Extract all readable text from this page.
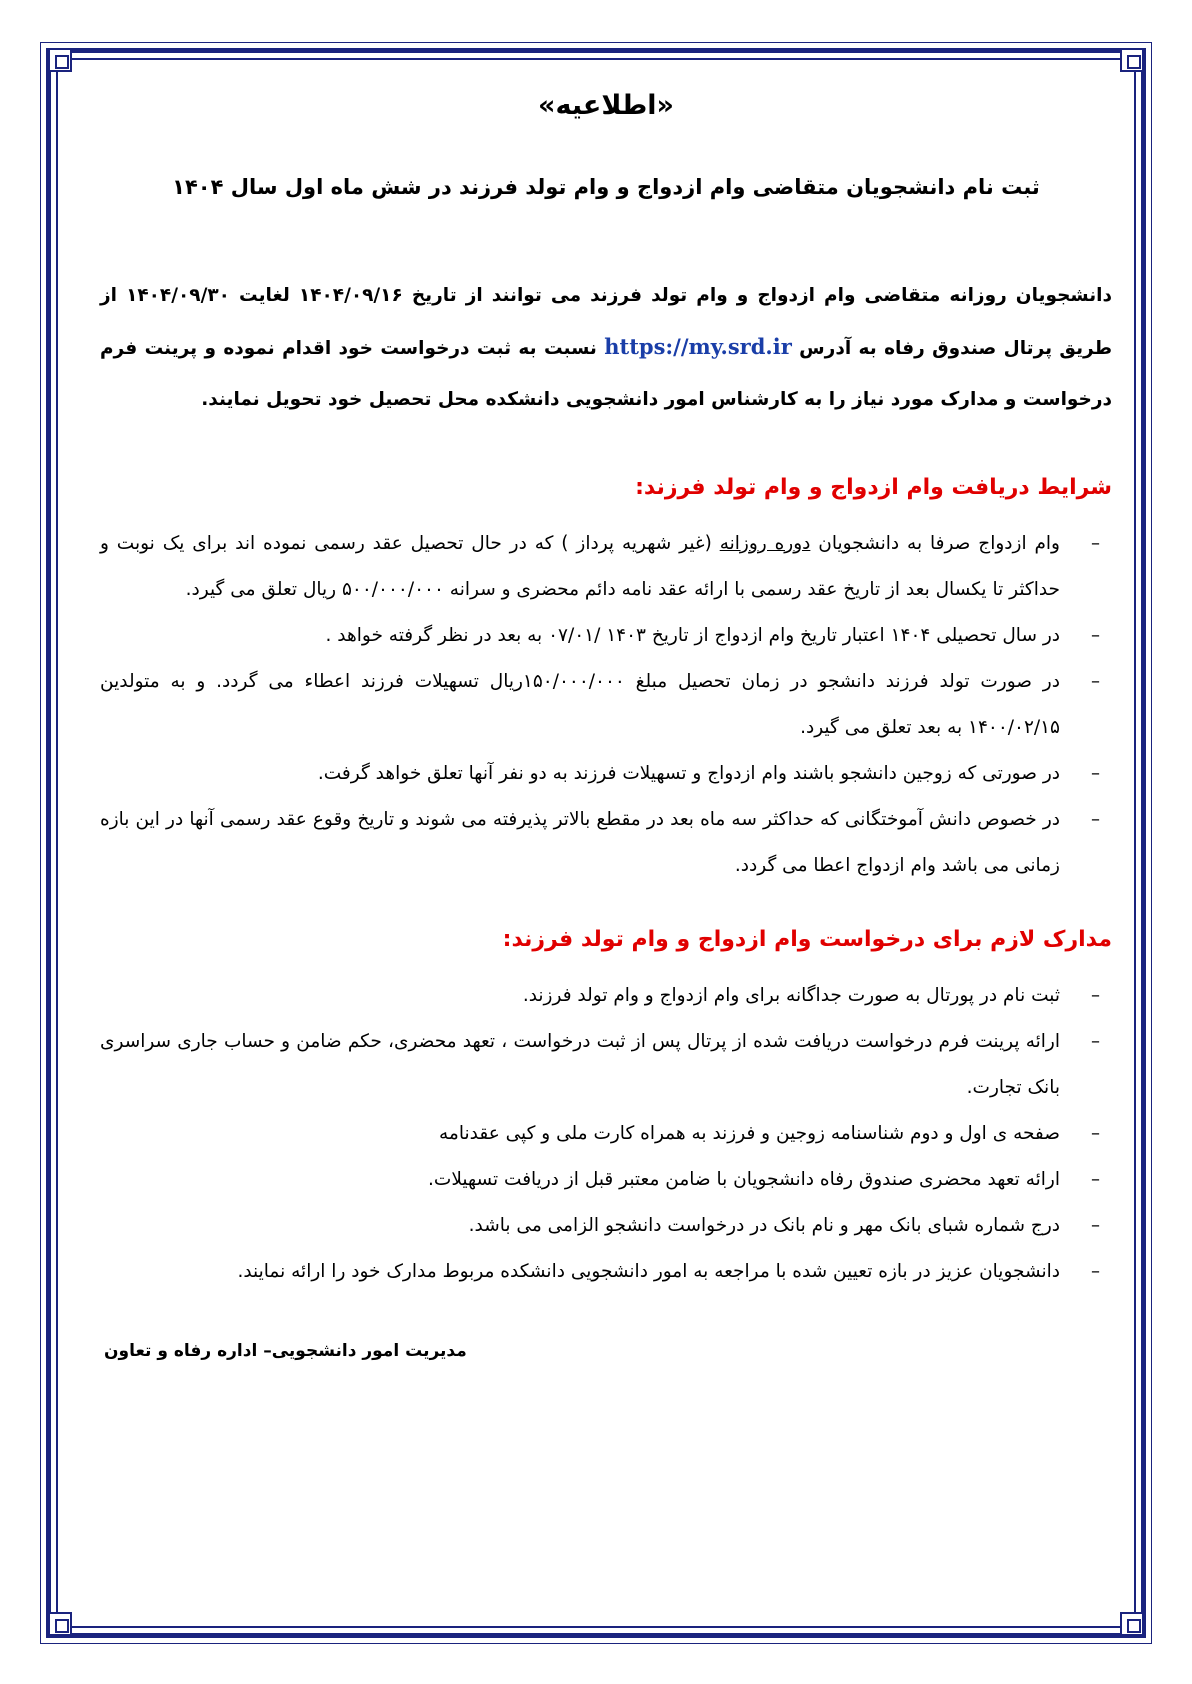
«اطلاعیه»
ثبت نام دانشجویان متقاضی وام ازدواج و وام تولد فرزند در شش ماه اول سال ۱۴۰۴

دانشجویان روزانه متقاضی وام ازدواج و وام تولد فرزند می توانند از تاریخ ۱۴۰۴/۰۹/۱۶ لغایت ۱۴۰۴/۰۹/۳۰ از طریق پرتال صندوق رفاه به آدرس https://my.srd.ir نسبت به ثبت درخواست خود اقدام نموده و پرینت فرم درخواست و مدارک مورد نیاز را به کارشناس امور دانشجویی دانشکده محل تحصیل خود تحویل نمایند.

شرایط دریافت وام ازدواج و وام تولد فرزند:
–
وام ازدواج صرفا به دانشجویان دوره روزانه (غیر شهریه پرداز ) که در حال تحصیل عقد رسمی نموده اند برای یک نوبت و حداکثر تا یکسال بعد از تاریخ عقد رسمی با ارائه عقد نامه دائم محضری و سرانه ۵۰۰/۰۰۰/۰۰۰ ریال تعلق می گیرد.
–
در سال تحصیلی ۱۴۰۴ اعتبار تاریخ وام ازدواج از تاریخ ۱۴۰۳ /۰۷/۰۱ به بعد در نظر گرفته خواهد .
–
در صورت تولد فرزند دانشجو در زمان تحصیل مبلغ ۱۵۰/۰۰۰/۰۰۰ریال تسهیلات فرزند اعطاء می گردد. و به متولدین ۱۴۰۰/۰۲/۱۵ به بعد تعلق می گیرد.
–
در صورتی که زوجین دانشجو باشند وام ازدواج و تسهیلات فرزند به دو نفر آنها تعلق خواهد گرفت.
–
در خصوص دانش آموختگانی که حداکثر سه ماه بعد در مقطع بالاتر پذیرفته می شوند و تاریخ وقوع عقد رسمی آنها در این بازه زمانی می باشد وام ازدواج اعطا می گردد.
مدارک لازم برای درخواست وام ازدواج و وام تولد فرزند:
–
ثبت نام در پورتال به صورت جداگانه برای وام ازدواج و وام تولد فرزند.
–
ارائه پرینت فرم درخواست دریافت شده از پرتال پس از ثبت درخواست ، تعهد محضری، حکم ضامن و حساب جاری سراسری بانک تجارت.
–
صفحه ی اول و دوم شناسنامه زوجین و فرزند به همراه کارت ملی و کپی عقدنامه
–
ارائه تعهد محضری صندوق رفاه دانشجویان با ضامن معتبر قبل از دریافت تسهیلات.
–
درج شماره شبای بانک مهر و نام بانک در درخواست دانشجو الزامی می باشد.
–
دانشجویان عزیز در بازه تعیین شده با مراجعه به امور دانشجویی دانشکده مربوط مدارک خود را ارائه نمایند.
مدیریت امور دانشجویی– اداره رفاه و تعاون
